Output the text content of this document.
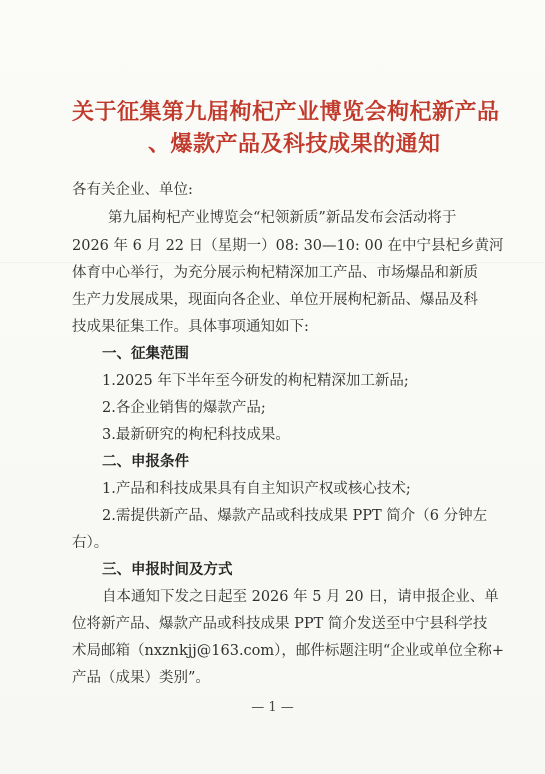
关于征集第九届枸杞产业博览会枸杞新产品
、爆款产品及科技成果的通知
各有关企业、单位:
第九届枸杞产业博览会“杞领新质”新品发布会活动将于
2026 年 6 月 22 日（星期一）08: 30—10: 00 在中宁县杞乡黄河
体育中心举行，为充分展示枸杞精深加工产品、市场爆品和新质
生产力发展成果，现面向各企业、单位开展枸杞新品、爆品及科
技成果征集工作。具体事项通知如下:
一、征集范围
1.2025 年下半年至今研发的枸杞精深加工新品;
2.各企业销售的爆款产品;
3.最新研究的枸杞科技成果。
二、申报条件
1.产品和科技成果具有自主知识产权或核心技术;
2.需提供新产品、爆款产品或科技成果 PPT 简介（6 分钟左
右）。
三、申报时间及方式
自本通知下发之日起至 2026 年 5 月 20 日，请申报企业、单
位将新产品、爆款产品或科技成果 PPT 简介发送至中宁县科学技
术局邮箱（nxznkjj@163.com），邮件标题注明“企业或单位全称+
产品（成果）类别”。
— 1 —
